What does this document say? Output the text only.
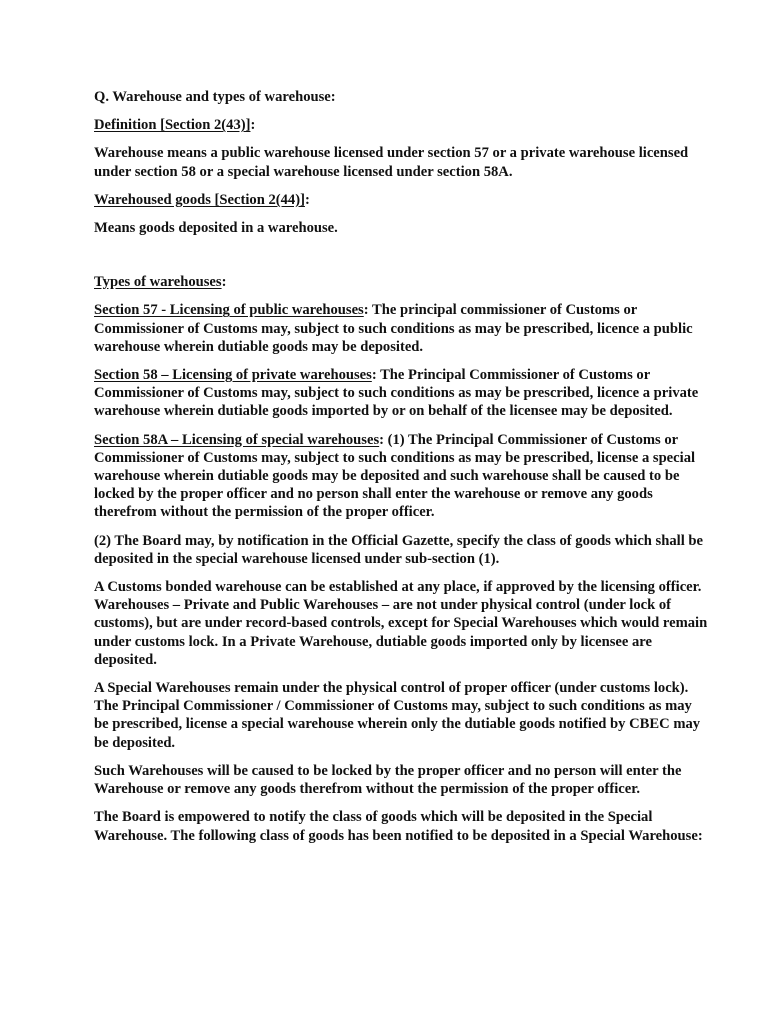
Q. Warehouse and types of warehouse:

Definition [Section 2(43)]:

Warehouse means a public warehouse licensed under section 57 or a private warehouse licensed under section 58 or a special warehouse licensed under section 58A.

Warehoused goods [Section 2(44)]:

Means goods deposited in a warehouse.

Types of warehouses:

Section 57 - Licensing of public warehouses: The principal commissioner of Customs or Commissioner of Customs may, subject to such conditions as may be prescribed, licence a public warehouse wherein dutiable goods may be deposited.

Section 58 – Licensing of private warehouses: The Principal Commissioner of Customs or Commissioner of Customs may, subject to such conditions as may be prescribed, licence a private warehouse wherein dutiable goods imported by or on behalf of the licensee may be deposited.

Section 58A – Licensing of special warehouses: (1) The Principal Commissioner of Customs or Commissioner of Customs may, subject to such conditions as may be prescribed, license a special warehouse wherein dutiable goods may be deposited and such warehouse shall be caused to be locked by the proper officer and no person shall enter the warehouse or remove any goods therefrom without the permission of the proper officer.

(2) The Board may, by notification in the Official Gazette, specify the class of goods which shall be deposited in the special warehouse licensed under sub-section (1).

A Customs bonded warehouse can be established at any place, if approved by the licensing officer. Warehouses – Private and Public Warehouses – are not under physical control (under lock of customs), but are under record-based controls, except for Special Warehouses which would remain under customs lock. In a Private Warehouse, dutiable goods imported only by licensee are deposited.

A Special Warehouses remain under the physical control of proper officer (under customs lock). The Principal Commissioner / Commissioner of Customs may, subject to such conditions as may be prescribed, license a special warehouse wherein only the dutiable goods notified by CBEC may be deposited.

Such Warehouses will be caused to be locked by the proper officer and no person will enter the Warehouse or remove any goods therefrom without the permission of the proper officer.

The Board is empowered to notify the class of goods which will be deposited in the Special Warehouse. The following class of goods has been notified to be deposited in a Special Warehouse:
